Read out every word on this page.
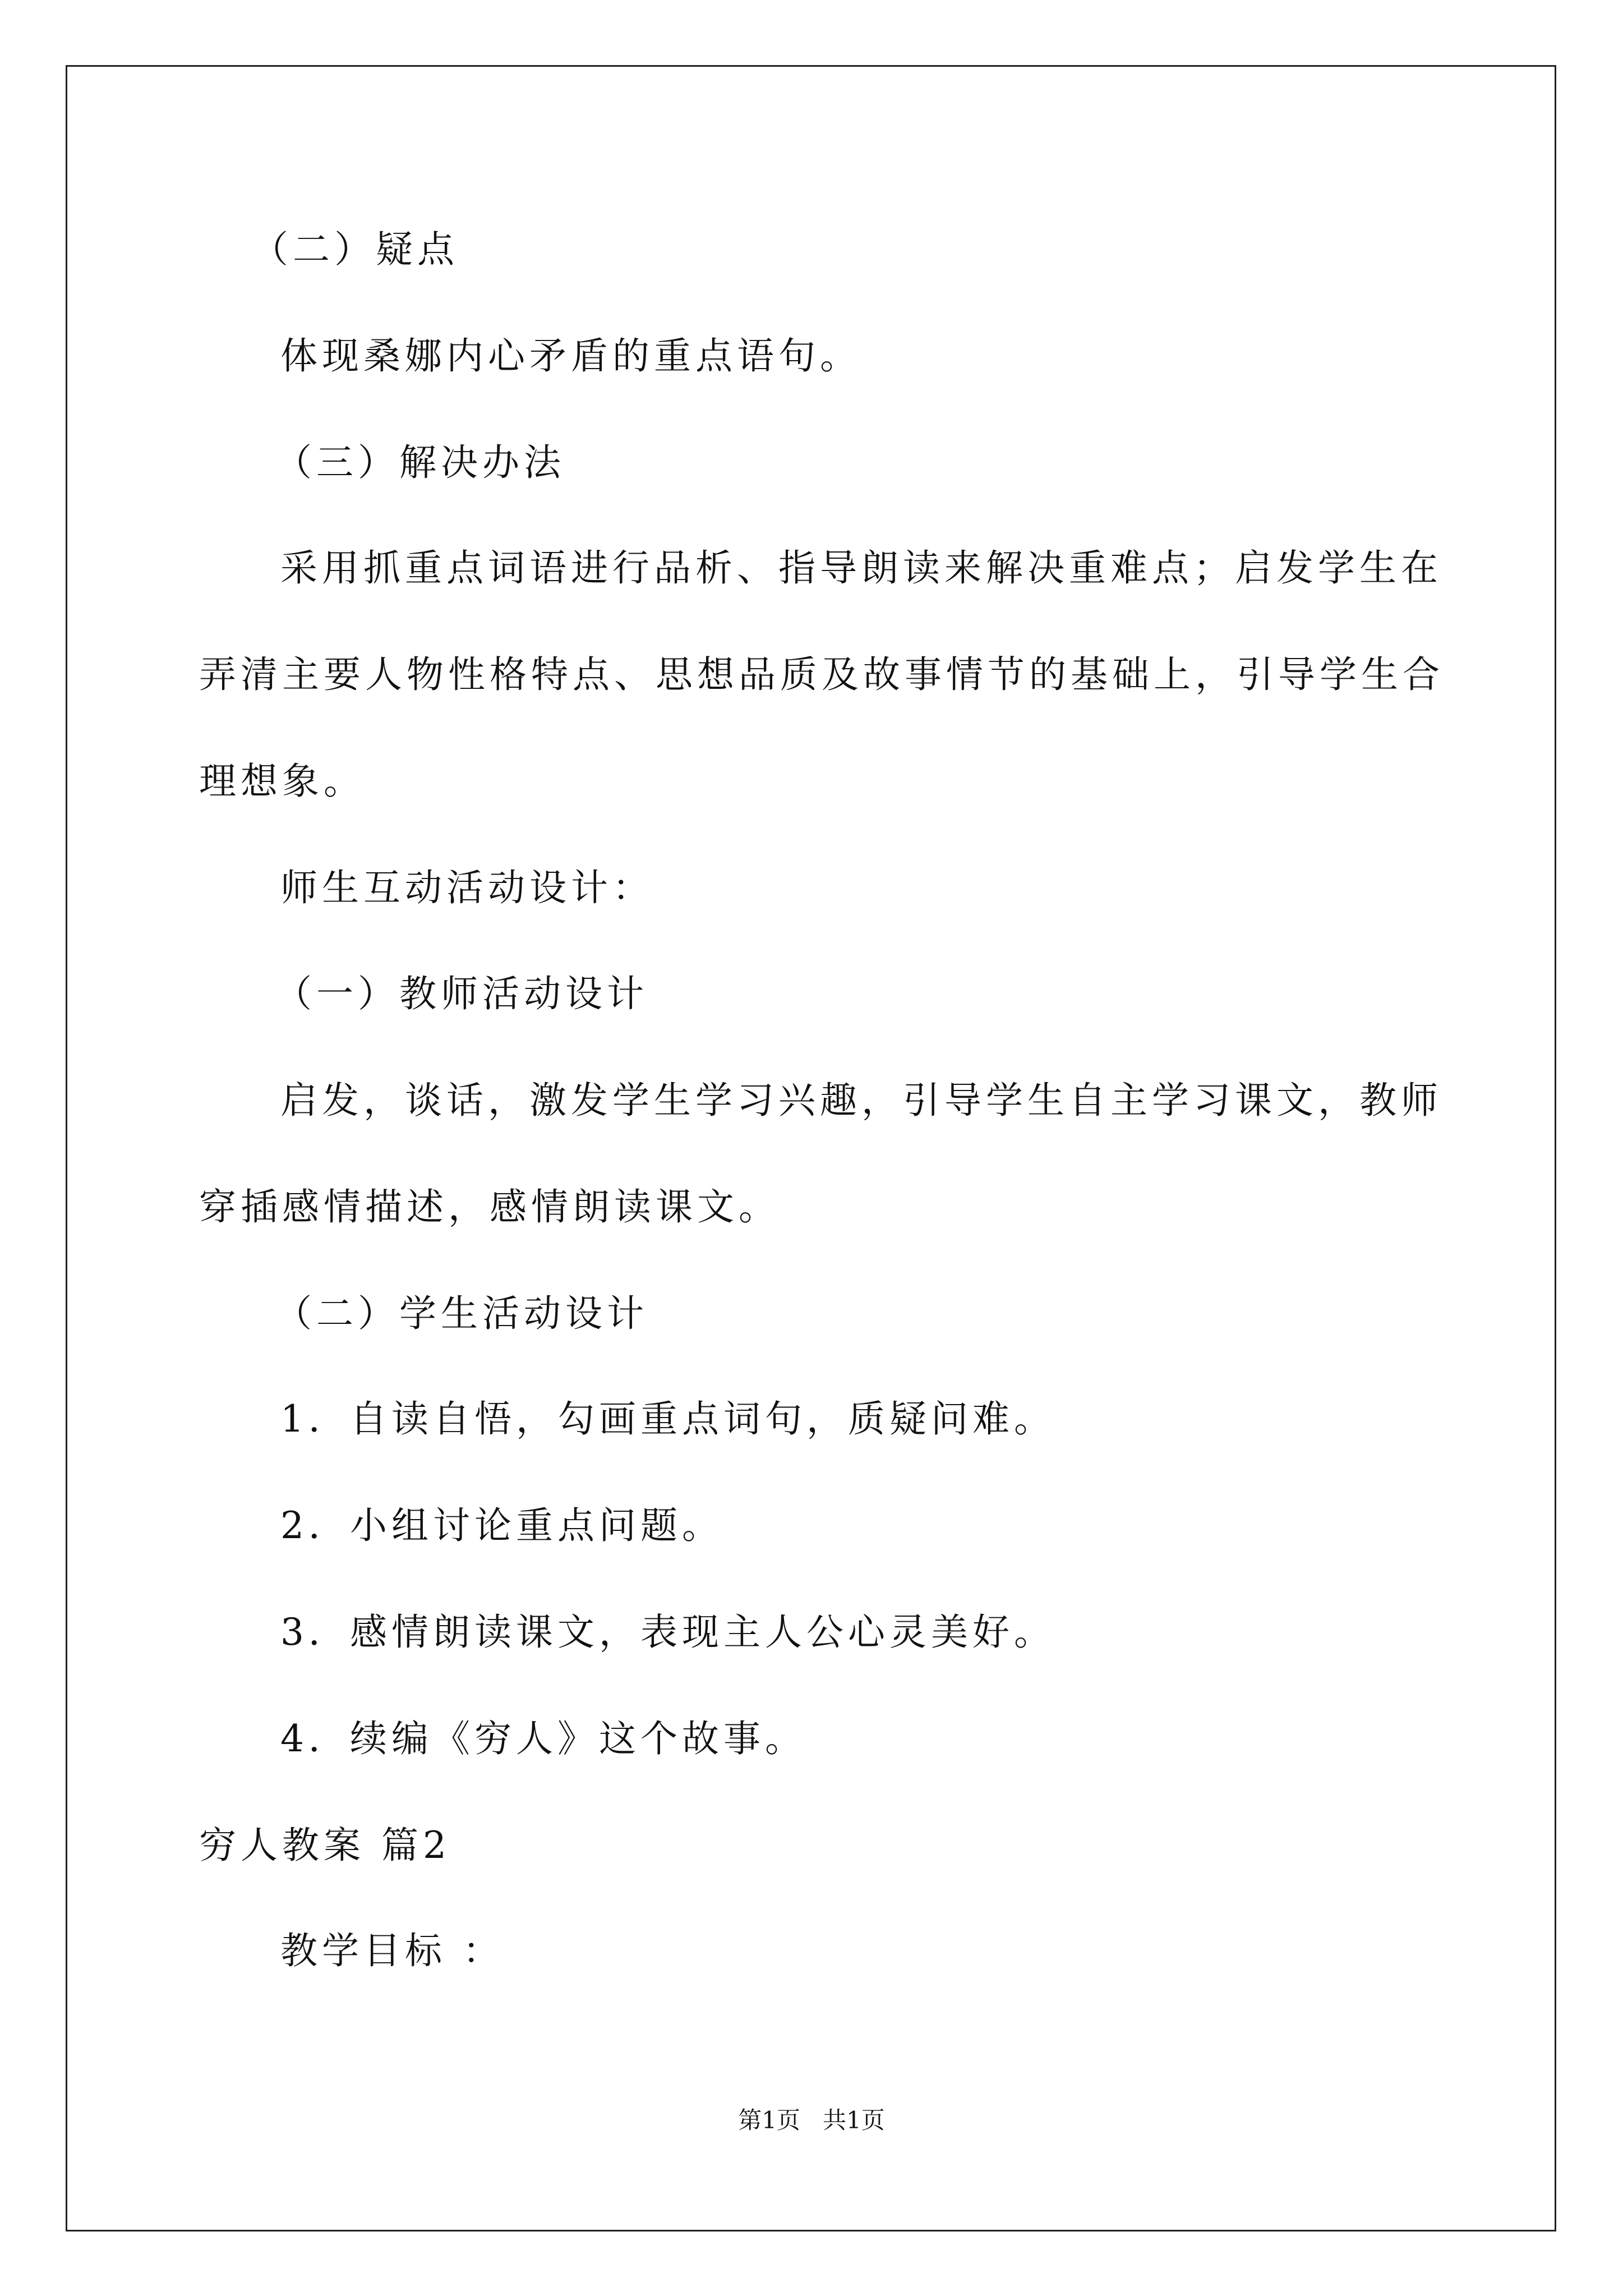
（二）疑点
体现桑娜内心矛盾的重点语句。
（三）解决办法
采用抓重点词语进行品析、指导朗读来解决重难点；启发学生在
弄清主要人物性格特点、思想品质及故事情节的基础上，引导学生合
理想象。
师生互动活动设计：
（一）教师活动设计
启发，谈话，激发学生学习兴趣，引导学生自主学习课文，教师
穿插感情描述，感情朗读课文。
（二）学生活动设计
1．自读自悟，勾画重点词句，质疑问难。
2．小组讨论重点问题。
3．感情朗读课文，表现主人公心灵美好。
4．续编《穷人》这个故事。
穷人教案 篇2
教学目标 ：
第1页   共1页
